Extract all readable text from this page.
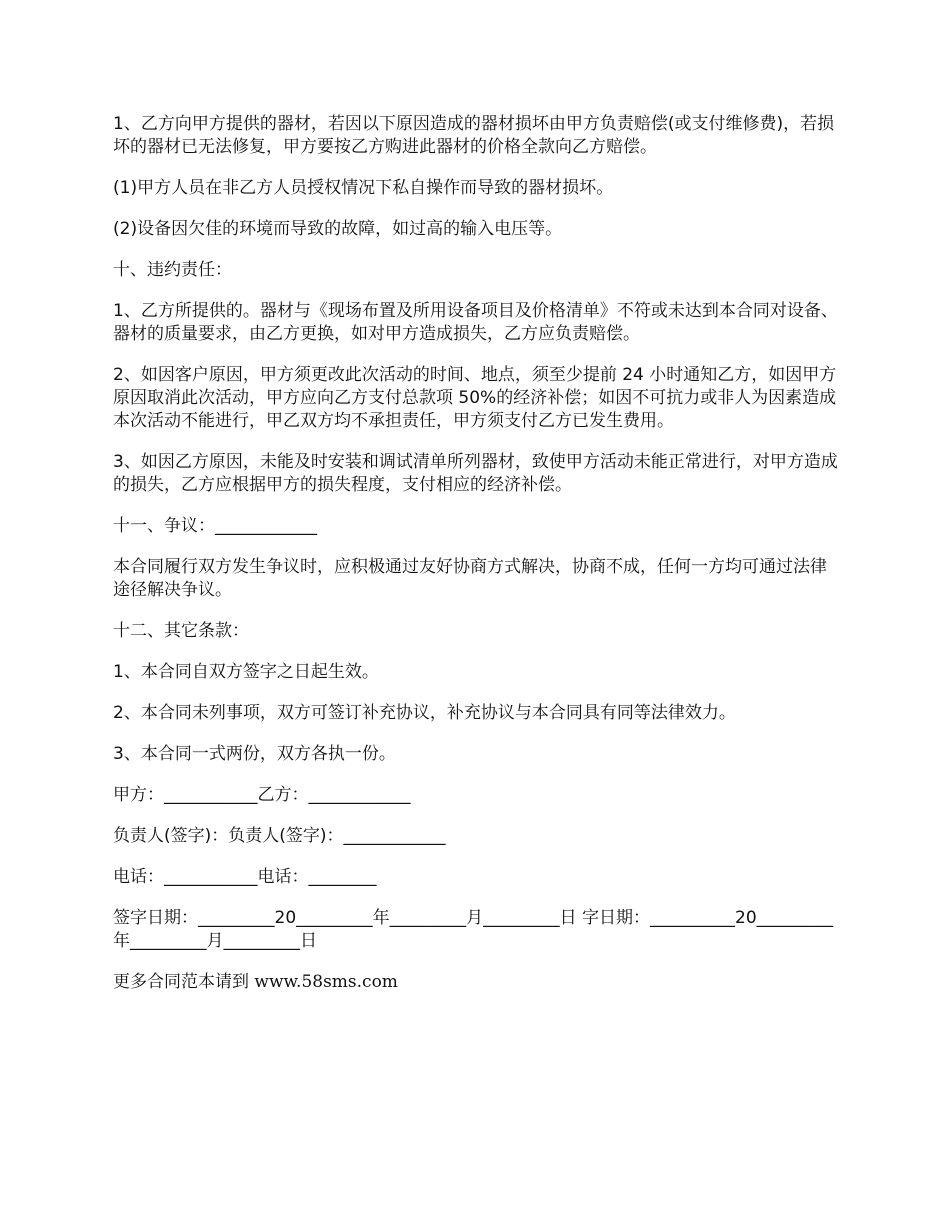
1、乙方向甲方提供的器材，若因以下原因造成的器材损坏由甲方负责赔偿(或支付维修费)，若损坏的器材已无法修复，甲方要按乙方购进此器材的价格全款向乙方赔偿。

(1)甲方人员在非乙方人员授权情况下私自操作而导致的器材损坏。

(2)设备因欠佳的环境而导致的故障，如过高的输入电压等。

十、违约责任：

1、乙方所提供的。器材与《现场布置及所用设备项目及价格清单》不符或未达到本合同对设备、器材的质量要求，由乙方更换，如对甲方造成损失，乙方应负责赔偿。

2、如因客户原因，甲方须更改此次活动的时间、地点，须至少提前 24 小时通知乙方，如因甲方原因取消此次活动，甲方应向乙方支付总款项 50%的经济补偿；如因不可抗力或非人为因素造成本次活动不能进行，甲乙双方均不承担责任，甲方须支付乙方已发生费用。

3、如因乙方原因，未能及时安装和调试清单所列器材，致使甲方活动未能正常进行，对甲方造成的损失，乙方应根据甲方的损失程度，支付相应的经济补偿。

十一、争议：____________

本合同履行双方发生争议时，应积极通过友好协商方式解决，协商不成，任何一方均可通过法律途径解决争议。

十二、其它条款：

1、本合同自双方签字之日起生效。

2、本合同未列事项，双方可签订补充协议，补充协议与本合同具有同等法律效力。

3、本合同一式两份，双方各执一份。

甲方：___________乙方：____________

负责人(签字)：负责人(签字)：____________

电话：___________电话：________

签字日期：_________20_________年_________月_________日 字日期：__________20_________年_________月_________日

更多合同范本请到 www.58sms.com
